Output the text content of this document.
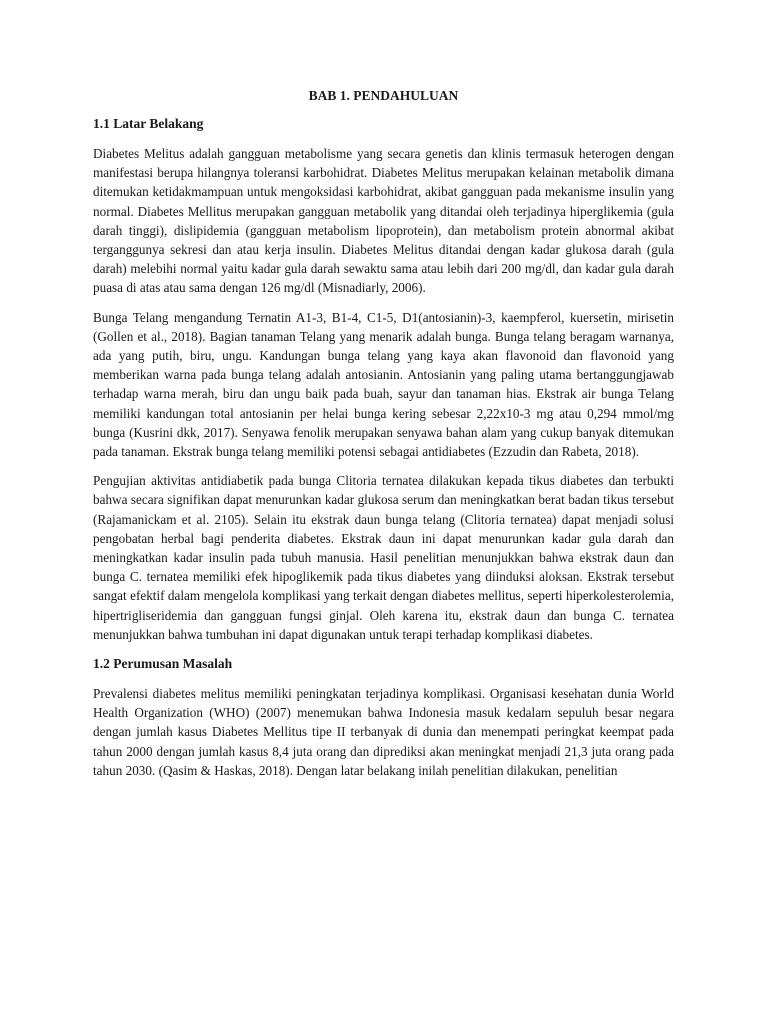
BAB 1. PENDAHULUAN
1.1 Latar Belakang

Diabetes Melitus adalah gangguan metabolisme yang secara genetis dan klinis termasuk heterogen dengan manifestasi berupa hilangnya toleransi karbohidrat. Diabetes Melitus merupakan kelainan metabolik dimana ditemukan ketidakmampuan untuk mengoksidasi karbohidrat, akibat gangguan pada mekanisme insulin yang normal. Diabetes Mellitus merupakan gangguan metabolik yang ditandai oleh terjadinya hiperglikemia (gula darah tinggi), dislipidemia (gangguan metabolism lipoprotein), dan metabolism protein abnormal akibat terganggunya sekresi dan atau kerja insulin. Diabetes Melitus ditandai dengan kadar glukosa darah (gula darah) melebihi normal yaitu kadar gula darah sewaktu sama atau lebih dari 200 mg/dl, dan kadar gula darah puasa di atas atau sama dengan 126 mg/dl (Misnadiarly, 2006).

Bunga Telang mengandung Ternatin A1-3, B1-4, C1-5, D1(antosianin)-3, kaempferol, kuersetin, mirisetin (Gollen et al., 2018). Bagian tanaman Telang yang menarik adalah bunga. Bunga telang beragam warnanya, ada yang putih, biru, ungu. Kandungan bunga telang yang kaya akan flavonoid dan flavonoid yang memberikan warna pada bunga telang adalah antosianin. Antosianin yang paling utama bertanggungjawab terhadap warna merah, biru dan ungu baik pada buah, sayur dan tanaman hias. Ekstrak air bunga Telang memiliki kandungan total antosianin per helai bunga kering sebesar 2,22x10-3 mg atau 0,294 mmol/mg bunga (Kusrini dkk, 2017). Senyawa fenolik merupakan senyawa bahan alam yang cukup banyak ditemukan pada tanaman. Ekstrak bunga telang memiliki potensi sebagai antidiabetes (Ezzudin dan Rabeta, 2018).

Pengujian aktivitas antidiabetik pada bunga Clitoria ternatea dilakukan kepada tikus diabetes dan terbukti bahwa secara signifikan dapat menurunkan kadar glukosa serum dan meningkatkan berat badan tikus tersebut (Rajamanickam et al. 2105). Selain itu ekstrak daun bunga telang (Clitoria ternatea) dapat menjadi solusi pengobatan herbal bagi penderita diabetes. Ekstrak daun ini dapat menurunkan kadar gula darah dan meningkatkan kadar insulin pada tubuh manusia. Hasil penelitian menunjukkan bahwa ekstrak daun dan bunga C. ternatea memiliki efek hipoglikemik pada tikus diabetes yang diinduksi aloksan. Ekstrak tersebut sangat efektif dalam mengelola komplikasi yang terkait dengan diabetes mellitus, seperti hiperkolesterolemia, hipertrigliseridemia dan gangguan fungsi ginjal. Oleh karena itu, ekstrak daun dan bunga C. ternatea menunjukkan bahwa tumbuhan ini dapat digunakan untuk terapi terhadap komplikasi diabetes.

1.2 Perumusan Masalah

Prevalensi diabetes melitus memiliki peningkatan terjadinya komplikasi. Organisasi kesehatan dunia World Health Organization (WHO) (2007) menemukan bahwa Indonesia masuk kedalam sepuluh besar negara dengan jumlah kasus Diabetes Mellitus tipe II terbanyak di dunia dan menempati peringkat keempat pada tahun 2000 dengan jumlah kasus 8,4 juta orang dan diprediksi akan meningkat menjadi 21,3 juta orang pada tahun 2030. (Qasim & Haskas, 2018). Dengan latar belakang inilah penelitian dilakukan, penelitian
